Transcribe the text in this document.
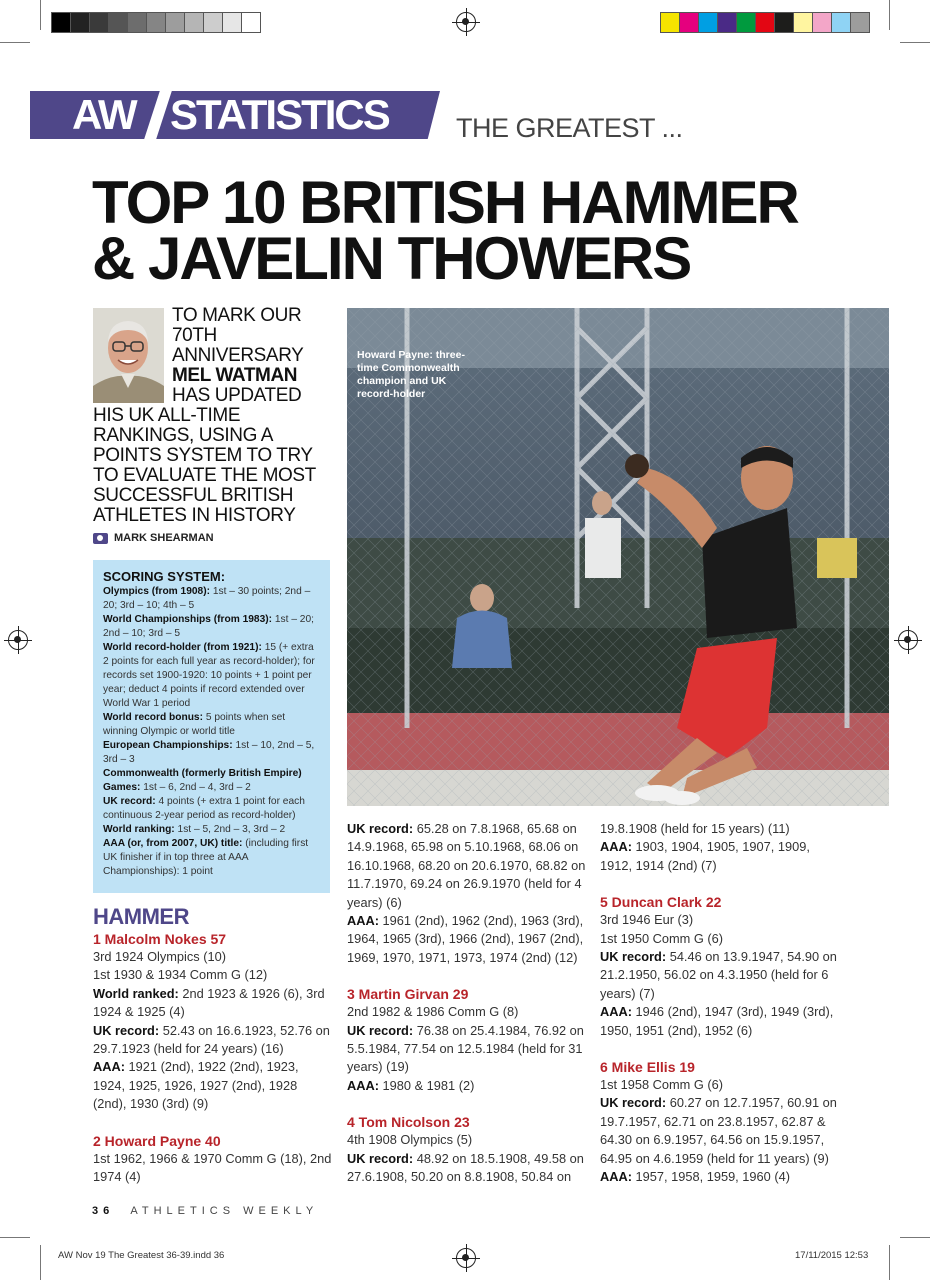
AW STATISTICS THE GREATEST ...
TOP 10 BRITISH HAMMER
& JAVELIN THOWERS
TO MARK OUR 70TH ANNIVERSARY MEL WATMAN HAS UPDATED HIS UK ALL-TIME RANKINGS, USING A POINTS SYSTEM TO TRY TO EVALUATE THE MOST SUCCESSFUL BRITISH ATHLETES IN HISTORY
MARK SHEARMAN
SCORING SYSTEM:

Olympics (from 1908): 1st – 30 points; 2nd – 20; 3rd – 10; 4th – 5

World Championships (from 1983): 1st – 20; 2nd – 10; 3rd – 5

World record-holder (from 1921): 15 (+ extra 2 points for each full year as record-holder); for records set 1900-1920: 10 points + 1 point per year; deduct 4 points if record extended over World War 1 period

World record bonus: 5 points when set winning Olympic or world title

European Championships: 1st – 10, 2nd – 5, 3rd – 3

Commonwealth (formerly British Empire) Games: 1st – 6, 2nd – 4, 3rd – 2

UK record: 4 points (+ extra 1 point for each continuous 2-year period as record-holder)

World ranking: 1st – 5, 2nd – 3, 3rd – 2

AAA (or, from 2007, UK) title: (including first UK finisher if in top three at AAA Championships): 1 point

Howard Payne: three-time Commonwealth champion and UK record-holder
HAMMER
1 Malcolm Nokes 57

3rd 1924 Olympics (10)

1st 1930 & 1934 Comm G (12)

World ranked: 2nd 1923 & 1926 (6), 3rd 1924 & 1925 (4)

UK record: 52.43 on 16.6.1923, 52.76 on 29.7.1923 (held for 24 years) (16)

AAA: 1921 (2nd), 1922 (2nd), 1923, 1924, 1925, 1926, 1927 (2nd), 1928 (2nd), 1930 (3rd) (9)

2 Howard Payne 40

1st 1962, 1966 & 1970 Comm G (18), 2nd 1974 (4)

UK record: 65.28 on 7.8.1968, 65.68 on 14.9.1968, 65.98 on 5.10.1968, 68.06 on 16.10.1968, 68.20 on 20.6.1970, 68.82 on 11.7.1970, 69.24 on 26.9.1970 (held for 4 years) (6)

AAA: 1961 (2nd), 1962 (2nd), 1963 (3rd), 1964, 1965 (3rd), 1966 (2nd), 1967 (2nd), 1969, 1970, 1971, 1973, 1974 (2nd) (12)

3 Martin Girvan 29

2nd 1982 & 1986 Comm G (8)

UK record: 76.38 on 25.4.1984, 76.92 on 5.5.1984, 77.54 on 12.5.1984 (held for 31 years) (19)

AAA: 1980 & 1981 (2)

4 Tom Nicolson 23

4th 1908 Olympics (5)

UK record: 48.92 on 18.5.1908, 49.58 on 27.6.1908, 50.20 on 8.8.1908, 50.84 on

19.8.1908 (held for 15 years) (11)

AAA: 1903, 1904, 1905, 1907, 1909, 1912, 1914 (2nd) (7)

5 Duncan Clark 22

3rd 1946 Eur (3)

1st 1950 Comm G (6)

UK record: 54.46 on 13.9.1947, 54.90 on 21.2.1950, 56.02 on 4.3.1950 (held for 6 years) (7)

AAA: 1946 (2nd), 1947 (3rd), 1949 (3rd), 1950, 1951 (2nd), 1952 (6)

6 Mike Ellis 19

1st 1958 Comm G (6)

UK record: 60.27 on 12.7.1957, 60.91 on 19.7.1957, 62.71 on 23.8.1957, 62.87 & 64.30 on 6.9.1957, 64.56 on 15.9.1957, 64.95 on 4.6.1959 (held for 11 years) (9)

AAA: 1957, 1958, 1959, 1960 (4)

36 ATHLETICS WEEKLY
AW Nov 19 The Greatest 36-39.indd 36	17/11/2015 12:53
